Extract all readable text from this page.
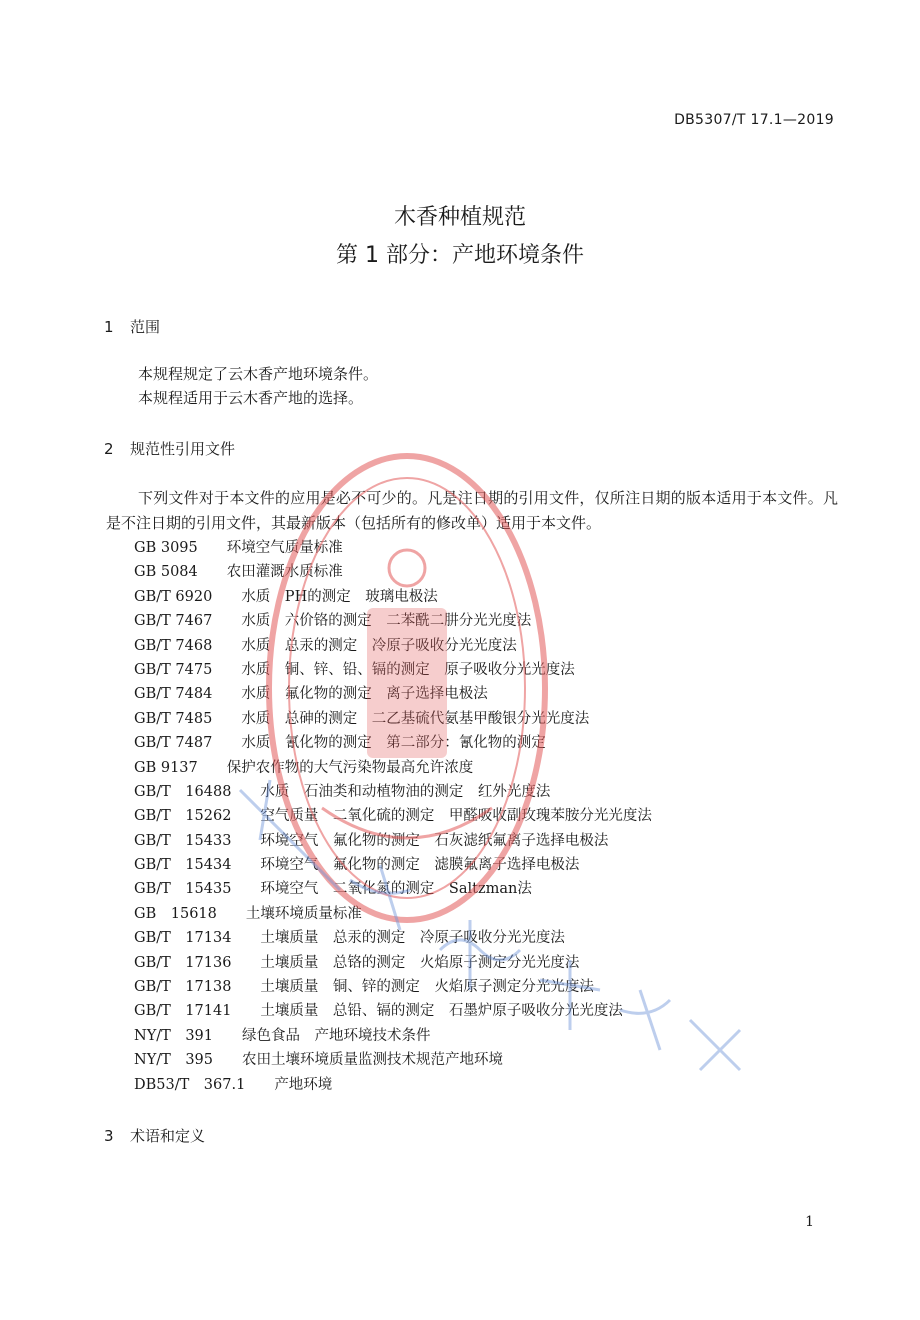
DB5307/T 17.1—2019
木香种植规范
第 1 部分：产地环境条件
1 范围
本规程规定了云木香产地环境条件。
本规程适用于云木香产地的选择。
2 规范性引用文件
下列文件对于本文件的应用是必不可少的。凡是注日期的引用文件，仅所注日期的版本适用于本文件。凡是不注日期的引用文件，其最新版本（包括所有的修改单）适用于本文件。
GB 3095　　 环境空气质量标准
GB 5084　　 农田灌溉水质标准
GB/T 6920　　 水质　PH的测定　玻璃电极法
GB/T 7467　　 水质　六价铬的测定　二苯酰二肼分光光度法
GB/T 7468　　 水质　总汞的测定　冷原子吸收分光光度法
GB/T 7475　　 水质　铜、锌、铅、镉的测定　原子吸收分光光度法
GB/T 7484　　 水质　氟化物的测定　离子选择电极法
GB/T 7485　　 水质　总砷的测定　二乙基硫代氨基甲酸银分光光度法
GB/T 7487　　 水质　氰化物的测定　第二部分：氰化物的测定
GB 9137　　 保护农作物的大气污染物最高允许浓度
GB/T　16488　　 水质　石油类和动植物油的测定　红外光度法
GB/T　15262　　 空气质量　二氧化硫的测定　甲醛吸收副玫瑰苯胺分光光度法
GB/T　15433　　 环境空气　氟化物的测定　石灰滤纸氟离子选择电极法
GB/T　15434　　 环境空气　氟化物的测定　滤膜氟离子选择电极法
GB/T　15435　　 环境空气　二氧化氮的测定　Saltzman法
GB　15618　　 土壤环境质量标准
GB/T　17134　　 土壤质量　总汞的测定　冷原子吸收分光光度法
GB/T　17136　　 土壤质量　总铬的测定　火焰原子测定分光光度法
GB/T　17138　　 土壤质量　铜、锌的测定　火焰原子测定分光光度法
GB/T　17141　　 土壤质量　总铅、镉的测定　石墨炉原子吸收分光光度法
NY/T　391　　 绿色食品　产地环境技术条件
NY/T　395　　 农田土壤环境质量监测技术规范产地环境
DB53/T　367.1　　 产地环境
3 术语和定义
1
